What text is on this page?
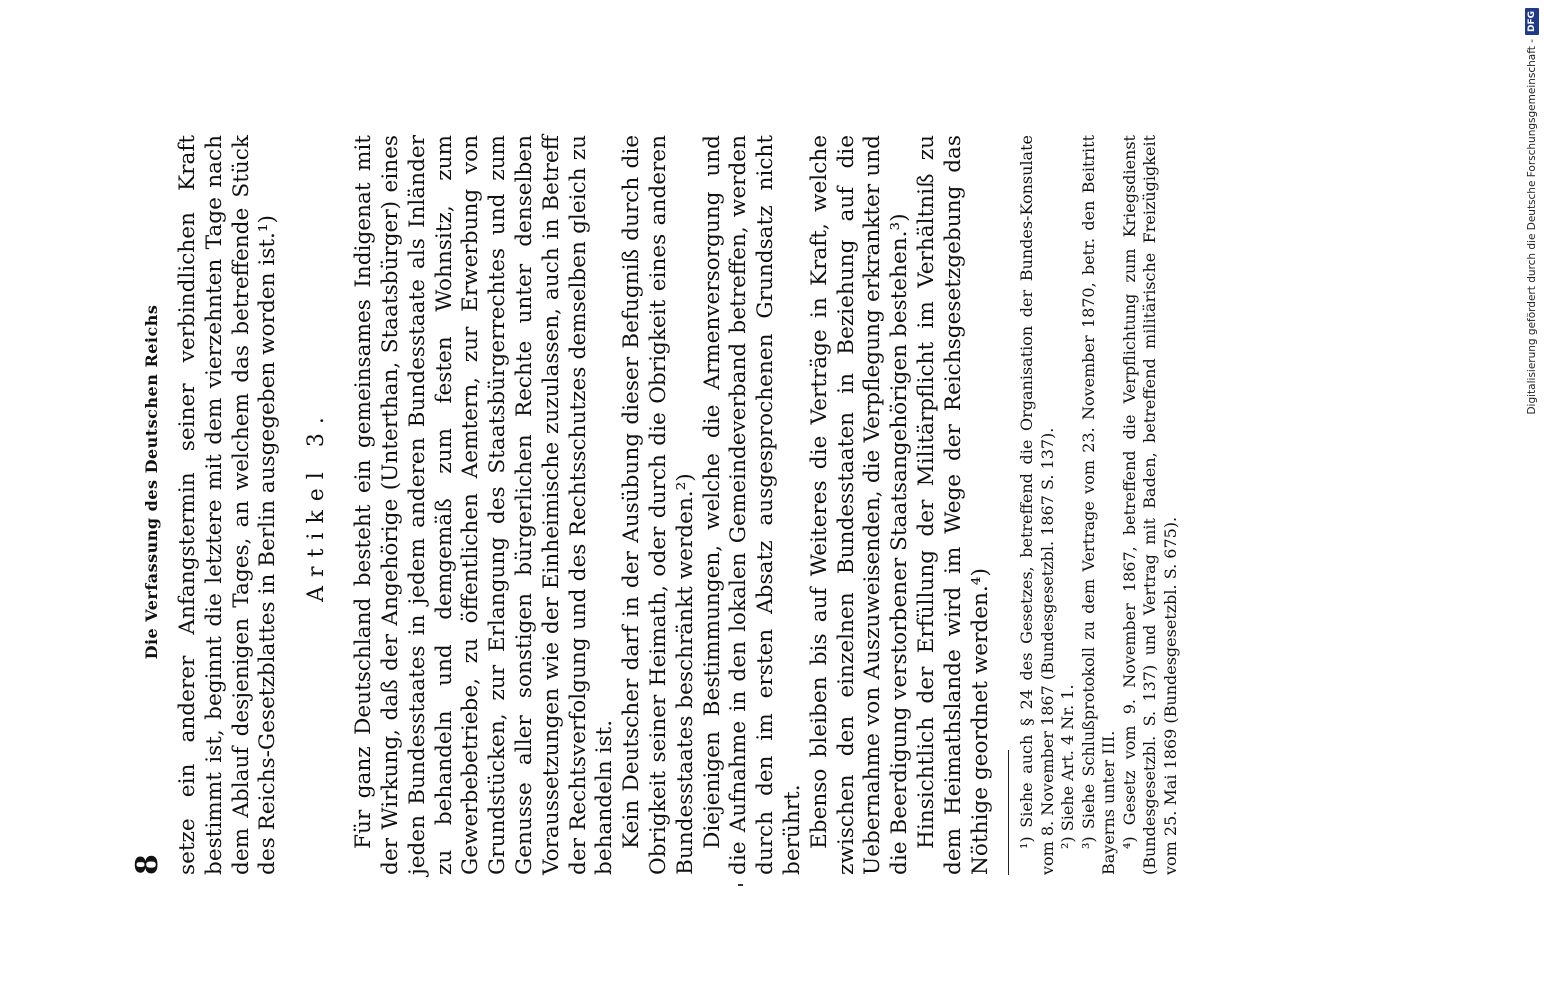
8
Die Verfassung des Deutschen Reichs setze ein anderer Anfangstermin seiner verbindlichen Kraft bestimmt ist, beginnt die letztere mit dem vierzehnten Tage nach dem Ablauf desjenigen Tages, an welchem das betreffende Stück des Reichs-Gesetzblattes in Berlin ausgegeben worden ist.¹) Artikel 3. Für ganz Deutschland besteht ein gemeinsames Indigenat mit der Wirkung, daß der Angehörige (Unterthan, Staatsbürger) eines jeden Bundesstaates in jedem anderen Bundesstaate als Inländer zu behandeln und demgemäß zum festen Wohnsitz, zum Gewerbebetriebe, zu öffentlichen Aemtern, zur Erwerbung von Grundstücken, zur Erlangung des Staatsbürgerrechtes und zum Genusse aller sonstigen bürgerlichen Rechte unter denselben Voraussetzungen wie der Einheimische zuzulassen, auch in Betreff der Rechtsverfolgung und des Rechtsschutzes demselben gleich zu behandeln ist. Kein Deutscher darf in der Ausübung dieser Befugniß durch die Obrigkeit seiner Heimath, oder durch die Obrigkeit eines anderen Bundesstaates beschränkt werden.²) Diejenigen Bestimmungen, welche die Armenversorgung und die Aufnahme in den lokalen Gemeindeverband betreffen, werden durch den im ersten Absatz ausgesprochenen Grundsatz nicht berührt. Ebenso bleiben bis auf Weiteres die Verträge in Kraft, welche zwischen den einzelnen Bundesstaaten in Beziehung auf die Uebernahme von Auszuweisenden, die Verpflegung erkrankter und die Beerdigung verstorbener Staatsangehörigen bestehen.³) Hinsichtlich der Erfüllung der Militärpflicht im Verhältniß zu dem Heimathslande wird im Wege der Reichsgesetzgebung das Nöthige geordnet werden.⁴) ¹) Siehe auch § 24 des Gesetzes, betreffend die Organisation der Bundes-Konsulate vom 8. November 1867 (Bundesgesetzbl. 1867 S. 137). ²) Siehe Art. 4 Nr. 1. ³) Siehe Schlußprotokoll zu dem Vertrage vom 23. November 1870, betr. den Beitritt Bayerns unter III. ⁴) Gesetz vom 9. November 1867, betreffend die Verpflichtung zum Kriegsdienst (Bundesgesetzbl. S. 137) und Vertrag mit Baden, betreffend militärische Freizügigkeit vom 25. Mai 1869 (Bundesgesetzbl. S. 675).

DFG
Digitalisierung gefördert durch die Deutsche Forschungsgemeinschaft -
